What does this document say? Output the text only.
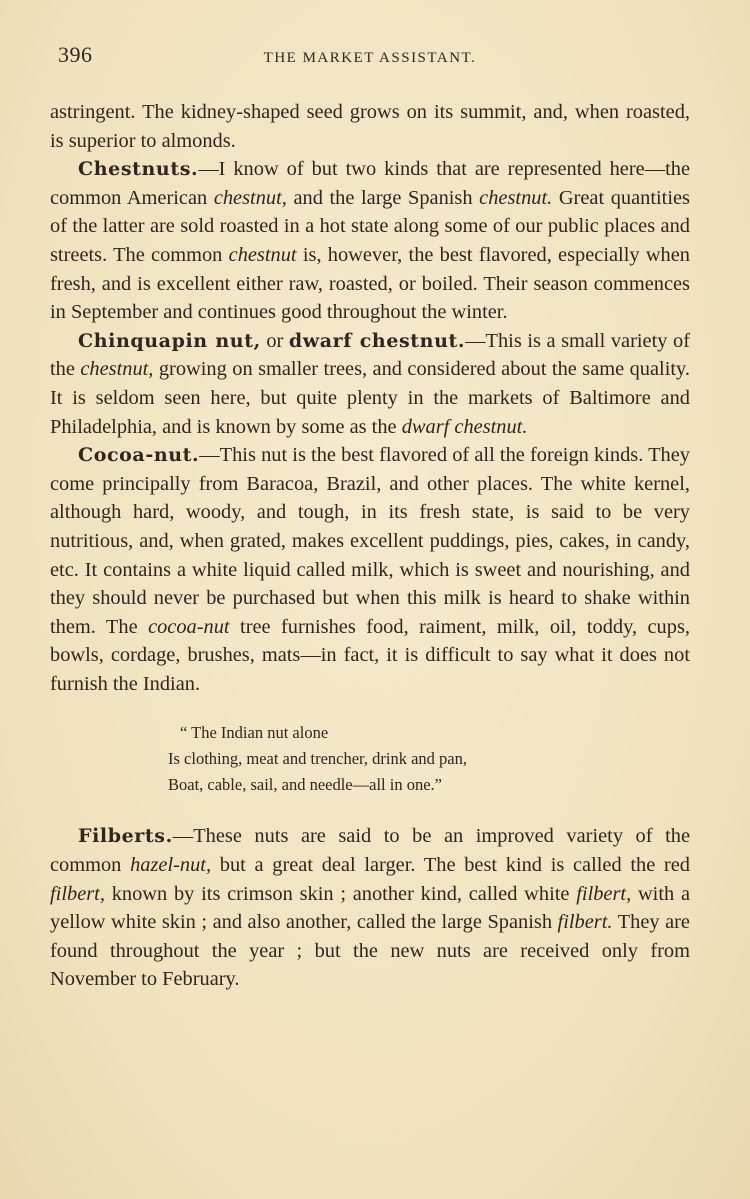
396	THE MARKET ASSISTANT.

astringent. The kidney-shaped seed grows on its summit, and, when roasted, is superior to almonds.

Chestnuts.—I know of but two kinds that are represented here—the common American chestnut, and the large Spanish chestnut. Great quantities of the latter are sold roasted in a hot state along some of our public places and streets. The common chestnut is, however, the best flavored, especially when fresh, and is excellent either raw, roasted, or boiled. Their season commences in September and continues good throughout the winter.

Chinquapin nut, or dwarf chestnut.—This is a small variety of the chestnut, growing on smaller trees, and considered about the same quality. It is seldom seen here, but quite plenty in the markets of Baltimore and Philadelphia, and is known by some as the dwarf chestnut.

Cocoa-nut.—This nut is the best flavored of all the foreign kinds. They come principally from Baracoa, Brazil, and other places. The white kernel, although hard, woody, and tough, in its fresh state, is said to be very nutritious, and, when grated, makes excellent puddings, pies, cakes, in candy, etc. It contains a white liquid called milk, which is sweet and nourishing, and they should never be purchased but when this milk is heard to shake within them. The cocoa-nut tree furnishes food, raiment, milk, oil, toddy, cups, bowls, cordage, brushes, mats—in fact, it is difficult to say what it does not furnish the Indian.

“ The Indian nut alone
Is clothing, meat and trencher, drink and pan,
Boat, cable, sail, and needle—all in one.”

Filberts.—These nuts are said to be an improved variety of the common hazel-nut, but a great deal larger. The best kind is called the red filbert, known by its crimson skin ; another kind, called white filbert, with a yellow white skin ; and also another, called the large Spanish filbert. They are found throughout the year ; but the new nuts are received only from November to February.
